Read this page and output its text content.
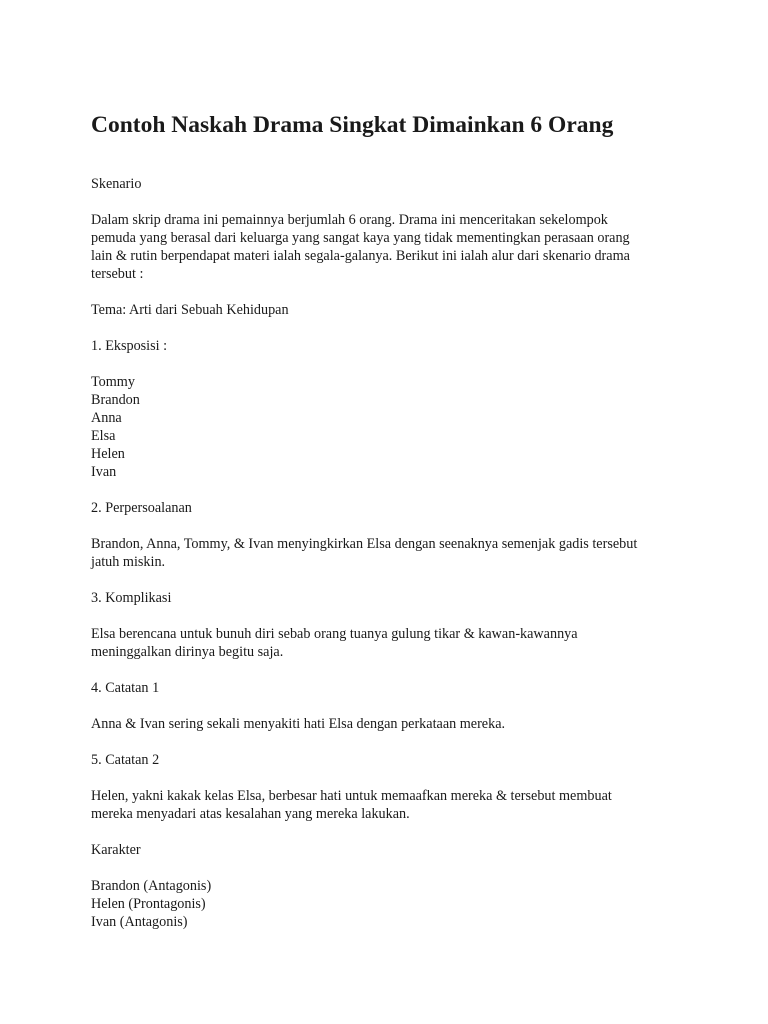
Contoh Naskah Drama Singkat Dimainkan 6 Orang
Skenario
Dalam skrip drama ini pemainnya berjumlah 6 orang. Drama ini menceritakan sekelompok
pemuda yang berasal dari keluarga yang sangat kaya yang tidak mementingkan perasaan orang
lain & rutin berpendapat materi ialah segala-galanya. Berikut ini ialah alur dari skenario drama
tersebut :
Tema: Arti dari Sebuah Kehidupan
1. Eksposisi :
Tommy
Brandon
Anna
Elsa
Helen
Ivan
2. Perpersoalanan
Brandon, Anna, Tommy, & Ivan menyingkirkan Elsa dengan seenaknya semenjak gadis tersebut
jatuh miskin.
3. Komplikasi
Elsa berencana untuk bunuh diri sebab orang tuanya gulung tikar & kawan-kawannya
meninggalkan dirinya begitu saja.
4. Catatan 1
Anna & Ivan sering sekali menyakiti hati Elsa dengan perkataan mereka.
5. Catatan 2
Helen, yakni kakak kelas Elsa, berbesar hati untuk memaafkan mereka & tersebut membuat
mereka menyadari atas kesalahan yang mereka lakukan.
Karakter
Brandon (Antagonis)
Helen (Prontagonis)
Ivan (Antagonis)
